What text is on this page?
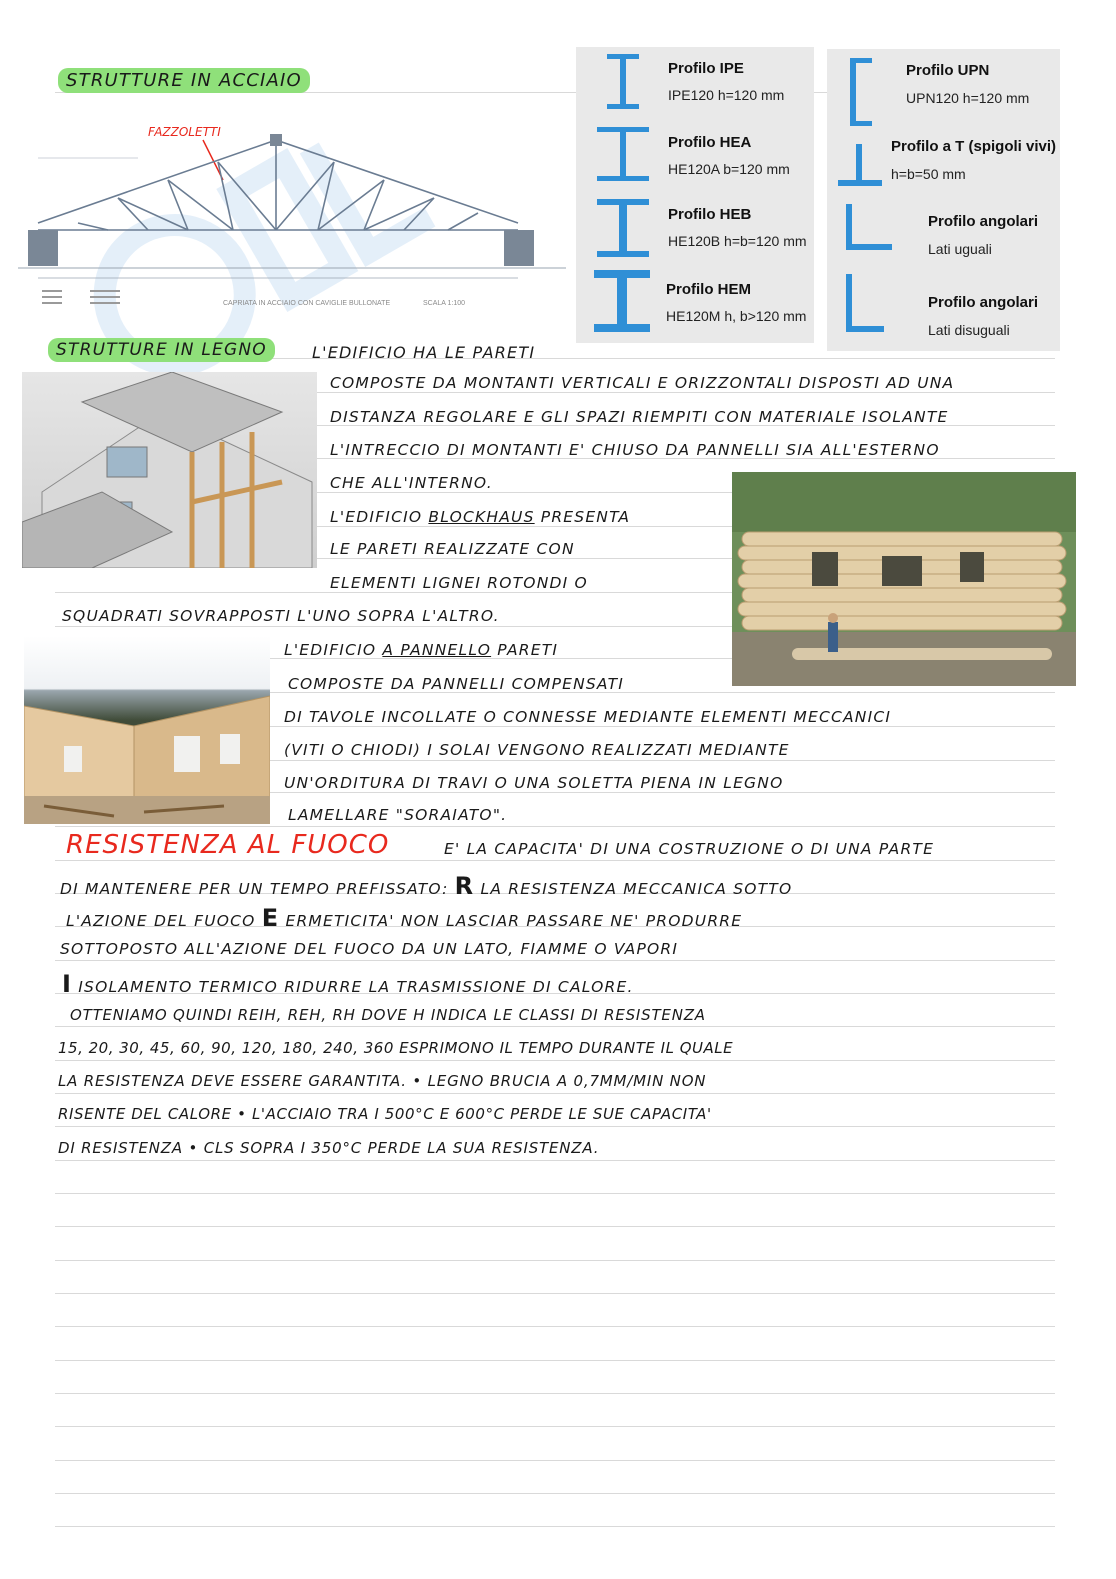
STRUTTURE IN ACCIAIO
FAZZOLETTI
CAPRIATA IN ACCIAIO CON CAVIGLIE BULLONATE	SCALA 1:100
Profilo IPE
IPE120 h=120 mm
Profilo HEA
HE120A b=120 mm
Profilo HEB
HE120B h=b=120 mm
Profilo HEM
HE120M h, b>120 mm
Profilo UPN
UPN120 h=120 mm
Profilo a T (spigoli vivi)
h=b=50 mm
Profilo angolari
Lati uguali
Profilo angolari
Lati disuguali
STRUTTURE IN LEGNO	L'EDIFICIO HA LE PARETI
COMPOSTE DA MONTANTI VERTICALI E ORIZZONTALI DISPOSTI AD UNA
DISTANZA REGOLARE E GLI SPAZI RIEMPITI CON MATERIALE ISOLANTE
L'INTRECCIO DI MONTANTI E' CHIUSO DA PANNELLI SIA ALL'ESTERNO
CHE ALL'INTERNO.
L'EDIFICIO BLOCKHAUS PRESENTA
LE PARETI REALIZZATE CON
ELEMENTI LIGNEI ROTONDI O
SQUADRATI SOVRAPPOSTI L'UNO SOPRA L'ALTRO.
L'EDIFICIO A PANNELLO PARETI
COMPOSTE DA PANNELLI COMPENSATI
DI TAVOLE INCOLLATE O CONNESSE MEDIANTE ELEMENTI MECCANICI
(VITI O CHIODI) I SOLAI VENGONO REALIZZATI MEDIANTE
UN'ORDITURA DI TRAVI O UNA SOLETTA PIENA IN LEGNO
LAMELLARE "SORAIATO".
RESISTENZA AL FUOCO	E' LA CAPACITA' DI UNA COSTRUZIONE O DI UNA PARTE
DI MANTENERE PER UN TEMPO PREFISSATO: R LA RESISTENZA MECCANICA SOTTO
L'AZIONE DEL FUOCO E ERMETICITA' NON LASCIAR PASSARE NE' PRODURRE
SOTTOPOSTO ALL'AZIONE DEL FUOCO DA UN LATO, FIAMME O VAPORI
I ISOLAMENTO TERMICO RIDURRE LA TRASMISSIONE DI CALORE.
OTTENIAMO QUINDI REIΗ, REΗ, RΗ DOVE Η INDICA LE CLASSI DI RESISTENZA
15, 20, 30, 45, 60, 90, 120, 180, 240, 360 ESPRIMONO IL TEMPO DURANTE IL QUALE
LA RESISTENZA DEVE ESSERE GARANTITA. • LEGNO BRUCIA A 0,7MM/MIN NON
RISENTE DEL CALORE • L'ACCIAIO TRA I 500°C E 600°C PERDE LE SUE CAPACITA'
DI RESISTENZA • CLS SOPRA I 350°C PERDE LA SUA RESISTENZA.
